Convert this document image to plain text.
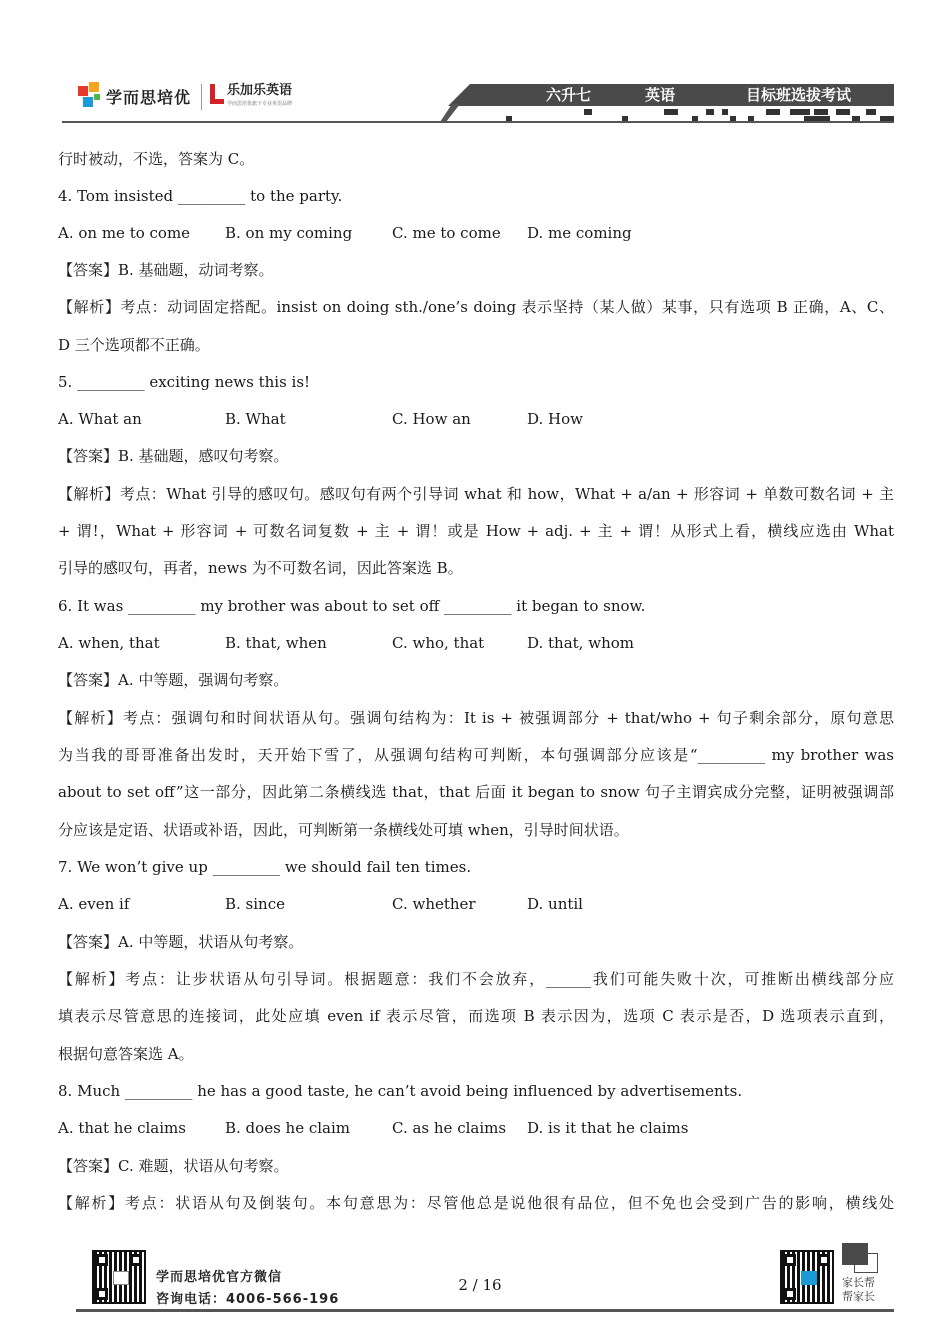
学而思培优	乐加乐英语
学而思培优旗下专业英语品牌	六升七	英语	目标班选拔考试
行时被动，不选，答案为 C。
4. Tom insisted _________ to the party.
A. on me to come B. on my coming	C. me to come D. me coming
【答案】B. 基础题，动词考察。
【解析】考点：动词固定搭配。insist on doing sth./one’s doing 表示坚持（某人做）某事，只有选项 B 正确，A、C、
D 三个选项都不正确。
5. _________ exciting news this is!
A. What an	B. What	C. How an	D. How
【答案】B. 基础题，感叹句考察。
【解析】考点：What 引导的感叹句。感叹句有两个引导词 what 和 how，What + a/an + 形容词 + 单数可数名词 + 主
+ 谓!，What + 形容词 + 可数名词复数 + 主 + 谓！或是 How + adj. + 主 + 谓！从形式上看，横线应选由 What
引导的感叹句，再者，news 为不可数名词，因此答案选 B。
6. It was _________ my brother was about to set off _________ it began to snow.
A. when, that	B. that, when	C. who, that	D. that, whom
【答案】A. 中等题，强调句考察。
【解析】考点：强调句和时间状语从句。强调句结构为：It is + 被强调部分 + that/who + 句子剩余部分，原句意思
为当我的哥哥准备出发时，天开始下雪了，从强调句结构可判断，本句强调部分应该是“_________ my brother was
about to set off”这一部分，因此第二条横线选 that，that 后面 it began to snow 句子主谓宾成分完整，证明被强调部
分应该是定语、状语或补语，因此，可判断第一条横线处可填 when，引导时间状语。
7. We won’t give up _________ we should fail ten times.
A. even if	B. since	C. whether	D. until
【答案】A. 中等题，状语从句考察。
【解析】考点：让步状语从句引导词。根据题意：我们不会放弃，______我们可能失败十次，可推断出横线部分应
填表示尽管意思的连接词，此处应填 even if 表示尽管，而选项 B 表示因为，选项 C 表示是否，D 选项表示直到，
根据句意答案选 A。
8. Much _________ he has a good taste, he can’t avoid being influenced by advertisements.
A. that he claims	B. does he claim	C. as he claims D. is it that he claims
【答案】C. 难题，状语从句考察。
【解析】考点：状语从句及倒装句。本句意思为：尽管他总是说他很有品位，但不免也会受到广告的影响，横线处
学而思培优官方微信
咨询电话：4006-566-196
2 / 16	家长帮
帮家长
